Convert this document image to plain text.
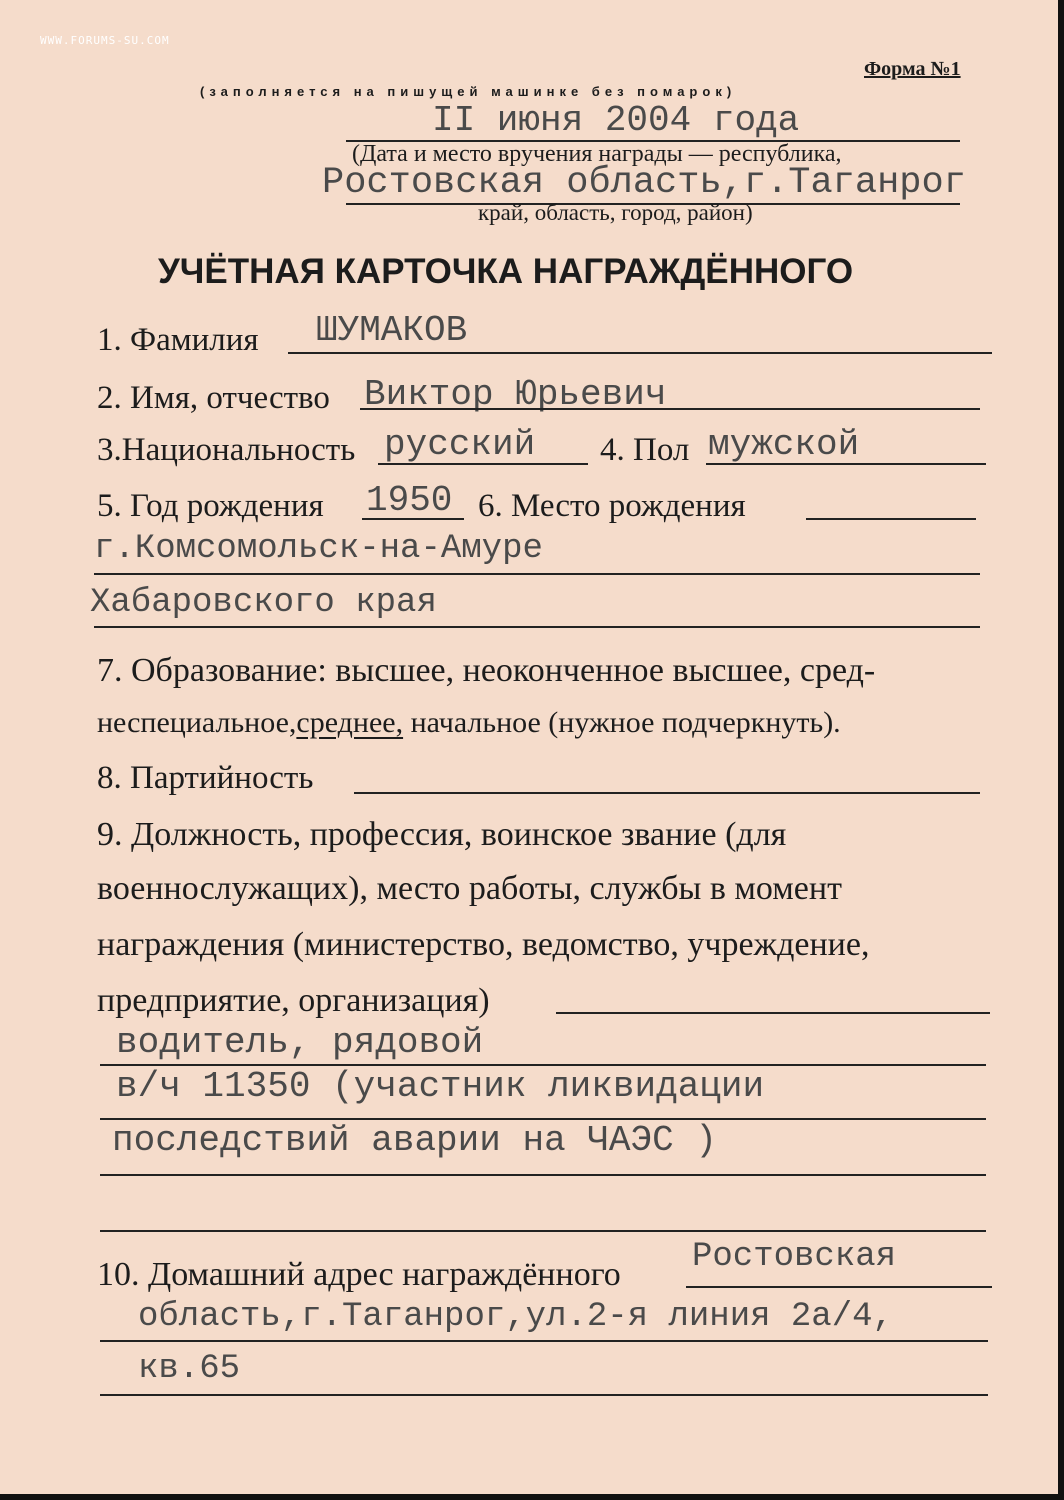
WWW.FORUMS-SU.COM
Форма №1
(заполняется на пишущей машинке без помарок)
II июня 2004 года
(Дата и место вручения награды — республика,
Ростовская область,г.Таганрог
край, область, город, район)
УЧЁТНАЯ КАРТОЧКА НАГРАЖДЁННОГО
1. Фамилия ШУМАКОВ
2. Имя, отчество Виктор Юрьевич
3.Национальность русский 4. Пол мужской
5. Год рождения 1950 6. Место рождения
г.Комсомольск-на-Амуре
Хабаровского края
7. Образование: высшее, неоконченное высшее, сред-
неспециальное,среднее, начальное (нужное подчеркнуть).
8. Партийность
9. Должность, профессия, воинское звание (для
военнослужащих), место работы, службы в момент
награждения (министерство, ведомство, учреждение,
предприятие, организация)
водитель, рядовой
в/ч 11350 (участник ликвидации
последствий аварии на ЧАЭС )
10. Домашний адрес награждённого Ростовская
область,г.Таганрог,ул.2-я линия 2а/4,
кв.65
